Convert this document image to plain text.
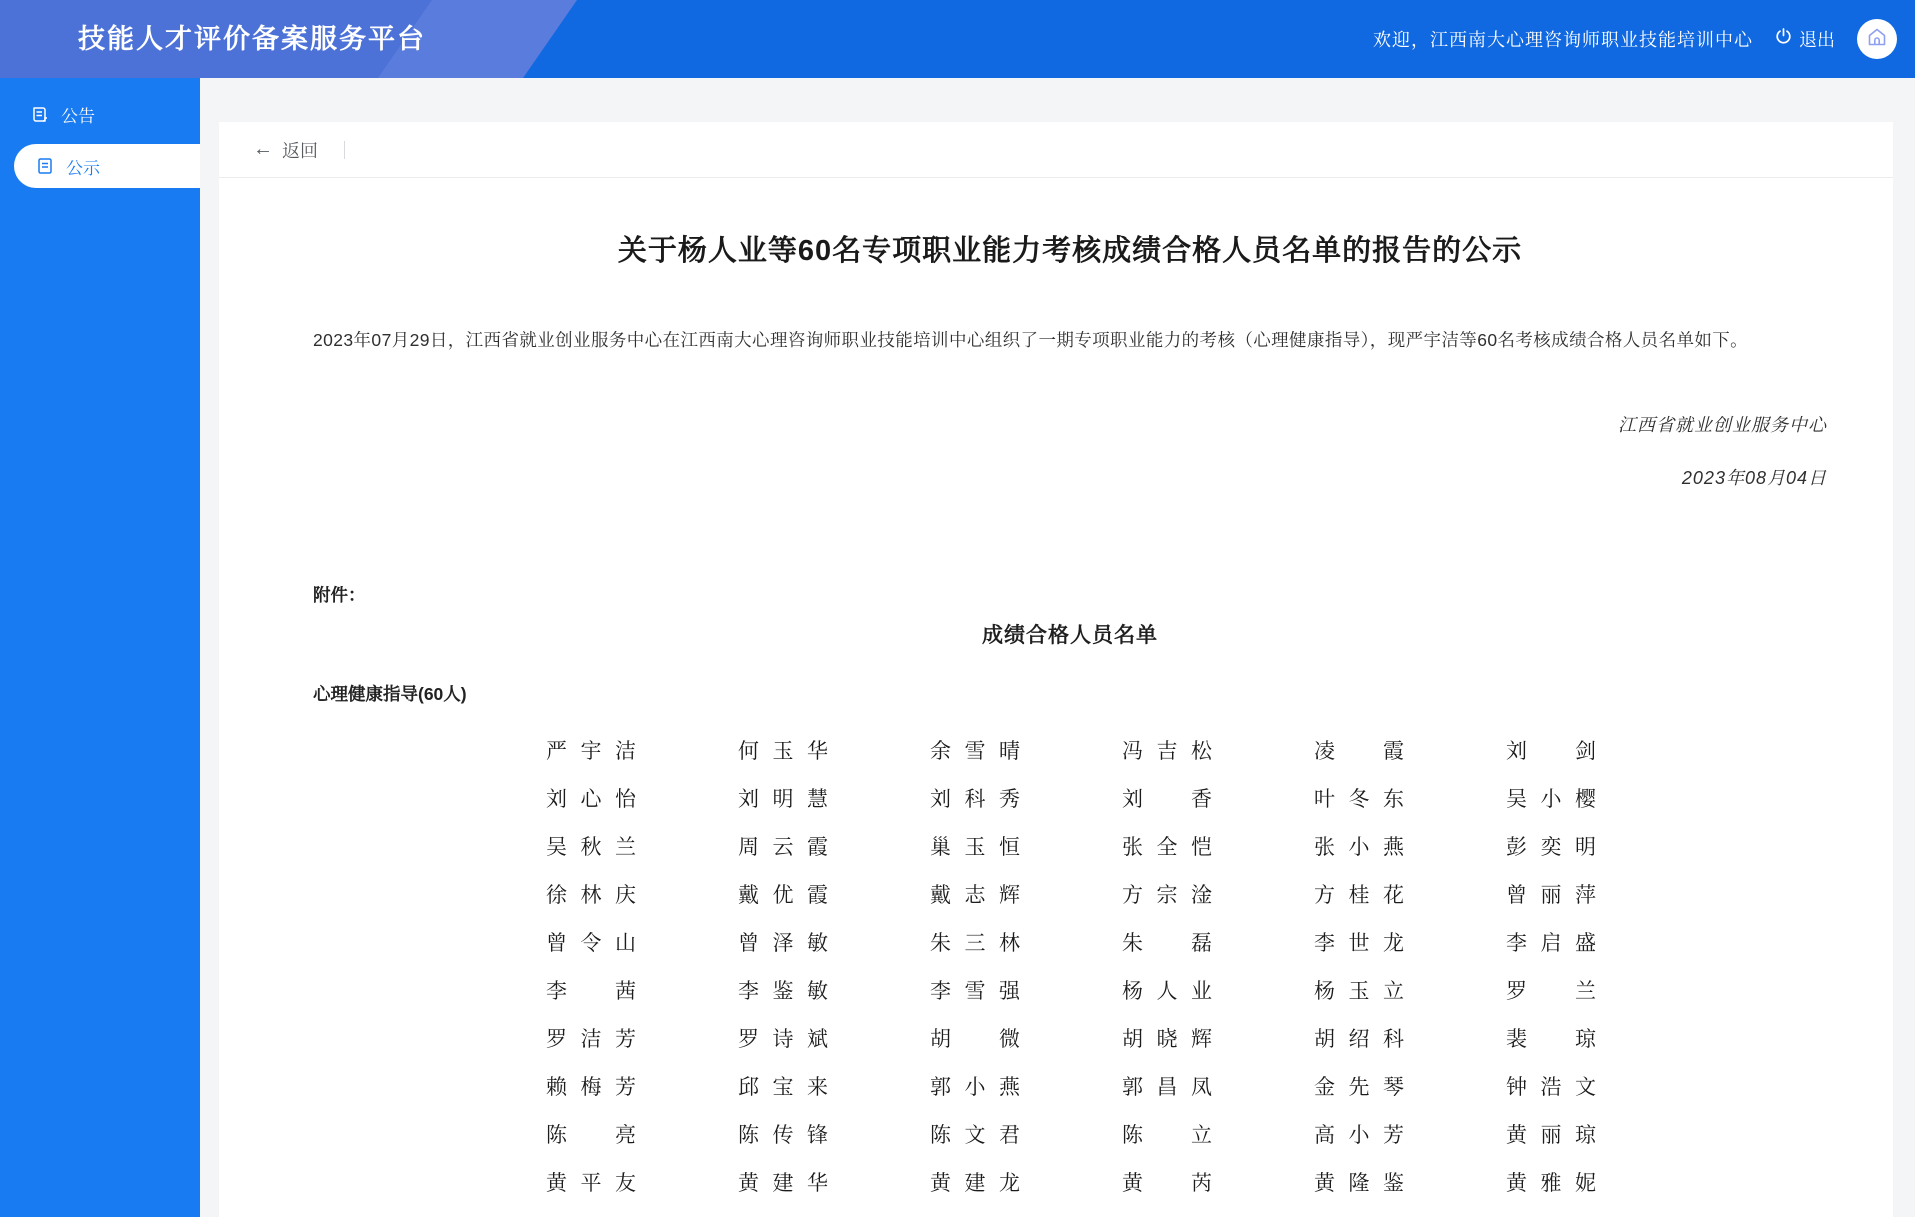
技能人才评价备案服务平台	欢迎，江西南大心理咨询师职业技能培训中心	退出
公告
公示
← 返回
关于杨人业等60名专项职业能力考核成绩合格人员名单的报告的公示
2023年07月29日，江西省就业创业服务中心在江西南大心理咨询师职业技能培训中心组织了一期专项职业能力的考核（心理健康指导），现严宇洁等60名考核成绩合格人员名单如下。
江西省就业创业服务中心
2023年08月04日
附件：
成绩合格人员名单
心理健康指导(60人)
严 宇 洁	何 玉 华	余 雪 晴	冯 吉 松	凌 霞	刘 剑
刘 心 怡	刘 明 慧	刘 科 秀	刘 香	叶 冬 东	吴 小 樱
吴 秋 兰	周 云 霞	巢 玉 恒	张 全 恺	张 小 燕	彭 奕 明
徐 林 庆	戴 优 霞	戴 志 辉	方 宗 淦	方 桂 花	曾 丽 萍
曾 令 山	曾 泽 敏	朱 三 林	朱 磊	李 世 龙	李 启 盛
李 茜	李 鉴 敏	李 雪 强	杨 人 业	杨 玉 立	罗 兰
罗 洁 芳	罗 诗 斌	胡 微	胡 晓 辉	胡 绍 科	裴 琼
赖 梅 芳	邱 宝 来	郭 小 燕	郭 昌 凤	金 先 琴	钟 浩 文
陈 亮	陈 传 锋	陈 文 君	陈 立	高 小 芳	黄 丽 琼
黄 平 友	黄 建 华	黄 建 龙	黄 芮	黄 隆 鉴	黄 雅 妮
